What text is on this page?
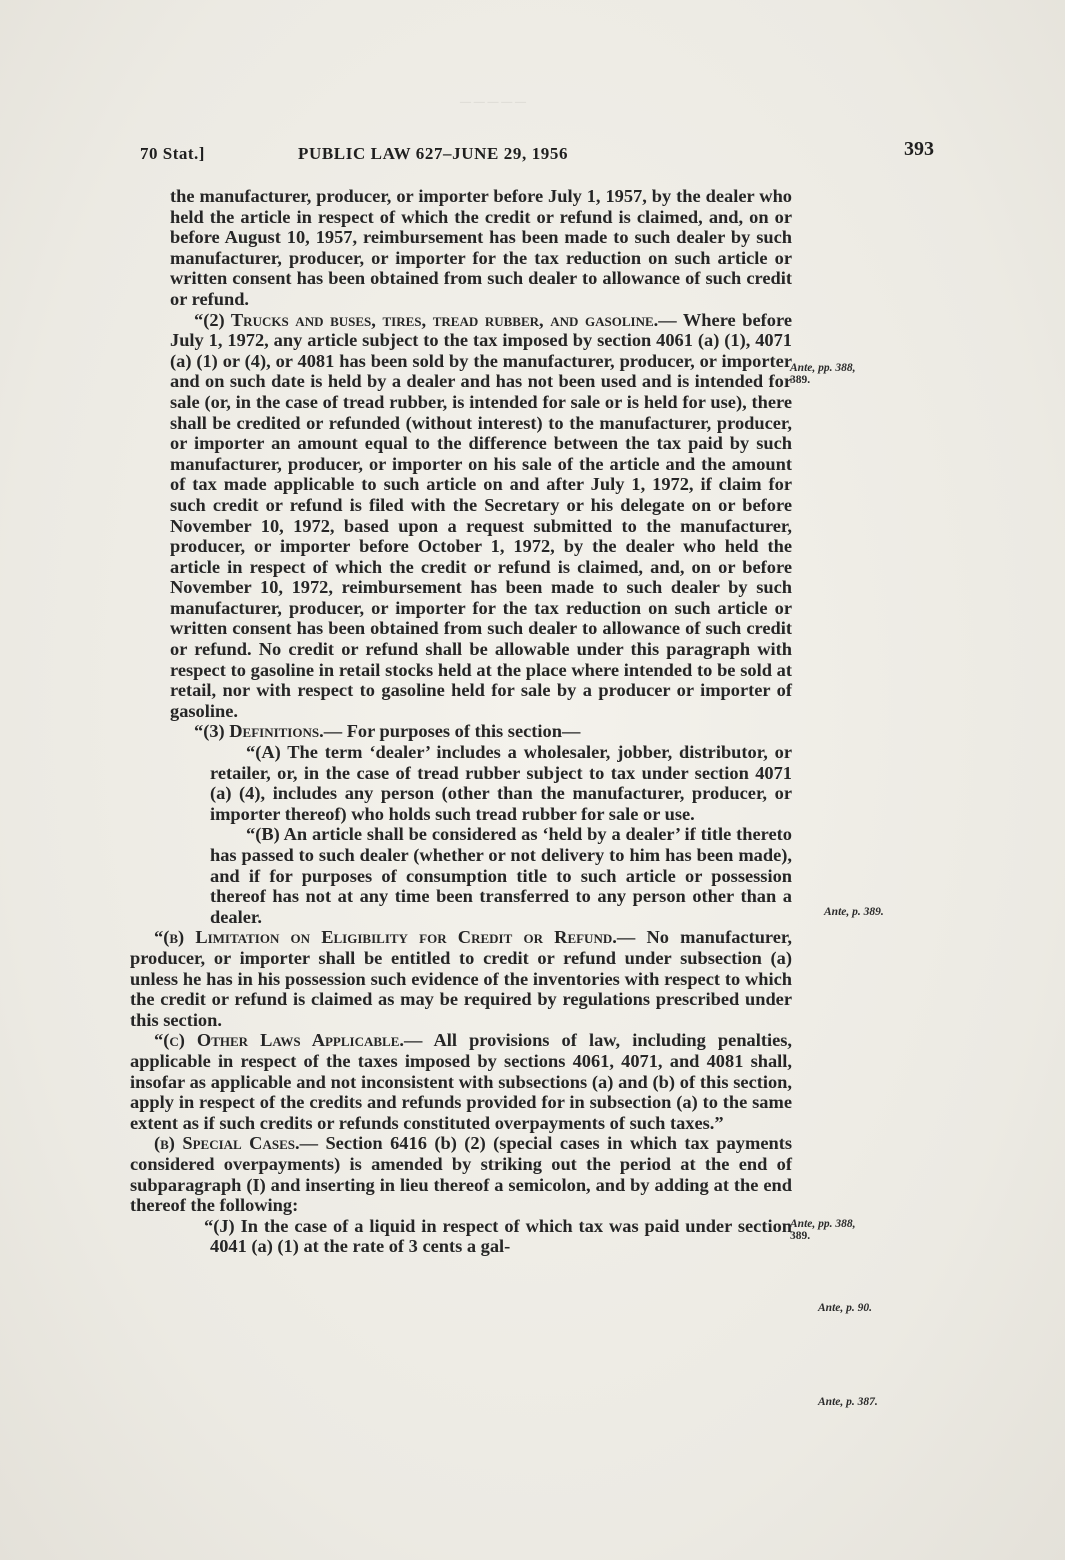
— — — — —
70 Stat.]	PUBLIC LAW 627–JUNE 29, 1956	393

the manufacturer, producer, or importer before July 1, 1957, by the dealer who held the article in respect of which the credit or refund is claimed, and, on or before August 10, 1957, reimbursement has been made to such dealer by such manufacturer, producer, or importer for the tax reduction on such article or written consent has been obtained from such dealer to allowance of such credit or refund.

“(2) Trucks and buses, tires, tread rubber, and gasoline.— Where before July 1, 1972, any article subject to the tax imposed by section 4061 (a) (1), 4071 (a) (1) or (4), or 4081 has been sold by the manufacturer, producer, or importer and on such date is held by a dealer and has not been used and is intended for sale (or, in the case of tread rubber, is intended for sale or is held for use), there shall be credited or refunded (without interest) to the manufacturer, producer, or importer an amount equal to the difference between the tax paid by such manufacturer, producer, or importer on his sale of the article and the amount of tax made applicable to such article on and after July 1, 1972, if claim for such credit or refund is filed with the Secretary or his delegate on or before November 10, 1972, based upon a request submitted to the manufacturer, producer, or importer before October 1, 1972, by the dealer who held the article in respect of which the credit or refund is claimed, and, on or before November 10, 1972, reimbursement has been made to such dealer by such manufacturer, producer, or importer for the tax reduction on such article or written consent has been obtained from such dealer to allowance of such credit or refund. No credit or refund shall be allowable under this paragraph with respect to gasoline in retail stocks held at the place where intended to be sold at retail, nor with respect to gasoline held for sale by a producer or importer of gasoline.

“(3) Definitions.— For purposes of this section—

“(A) The term ‘dealer’ includes a wholesaler, jobber, distributor, or retailer, or, in the case of tread rubber subject to tax under section 4071 (a) (4), includes any person (other than the manufacturer, producer, or importer thereof) who holds such tread rubber for sale or use.

“(B) An article shall be considered as ‘held by a dealer’ if title thereto has passed to such dealer (whether or not delivery to him has been made), and if for purposes of consumption title to such article or possession thereof has not at any time been transferred to any person other than a dealer.

“(b) Limitation on Eligibility for Credit or Refund.— No manufacturer, producer, or importer shall be entitled to credit or refund under subsection (a) unless he has in his possession such evidence of the inventories with respect to which the credit or refund is claimed as may be required by regulations prescribed under this section.

“(c) Other Laws Applicable.— All provisions of law, including penalties, applicable in respect of the taxes imposed by sections 4061, 4071, and 4081 shall, insofar as applicable and not inconsistent with subsections (a) and (b) of this section, apply in respect of the credits and refunds provided for in subsection (a) to the same extent as if such credits or refunds constituted overpayments of such taxes.”

(b) Special Cases.— Section 6416 (b) (2) (special cases in which tax payments considered overpayments) is amended by striking out the period at the end of subparagraph (I) and inserting in lieu thereof a semicolon, and by adding at the end thereof the following:

“(J) In the case of a liquid in respect of which tax was paid under section 4041 (a) (1) at the rate of 3 cents a gal-

Ante, pp. 388,
389.
Ante, p. 389.
Ante, pp. 388,
389.
Ante, p. 90.
Ante, p. 387.
